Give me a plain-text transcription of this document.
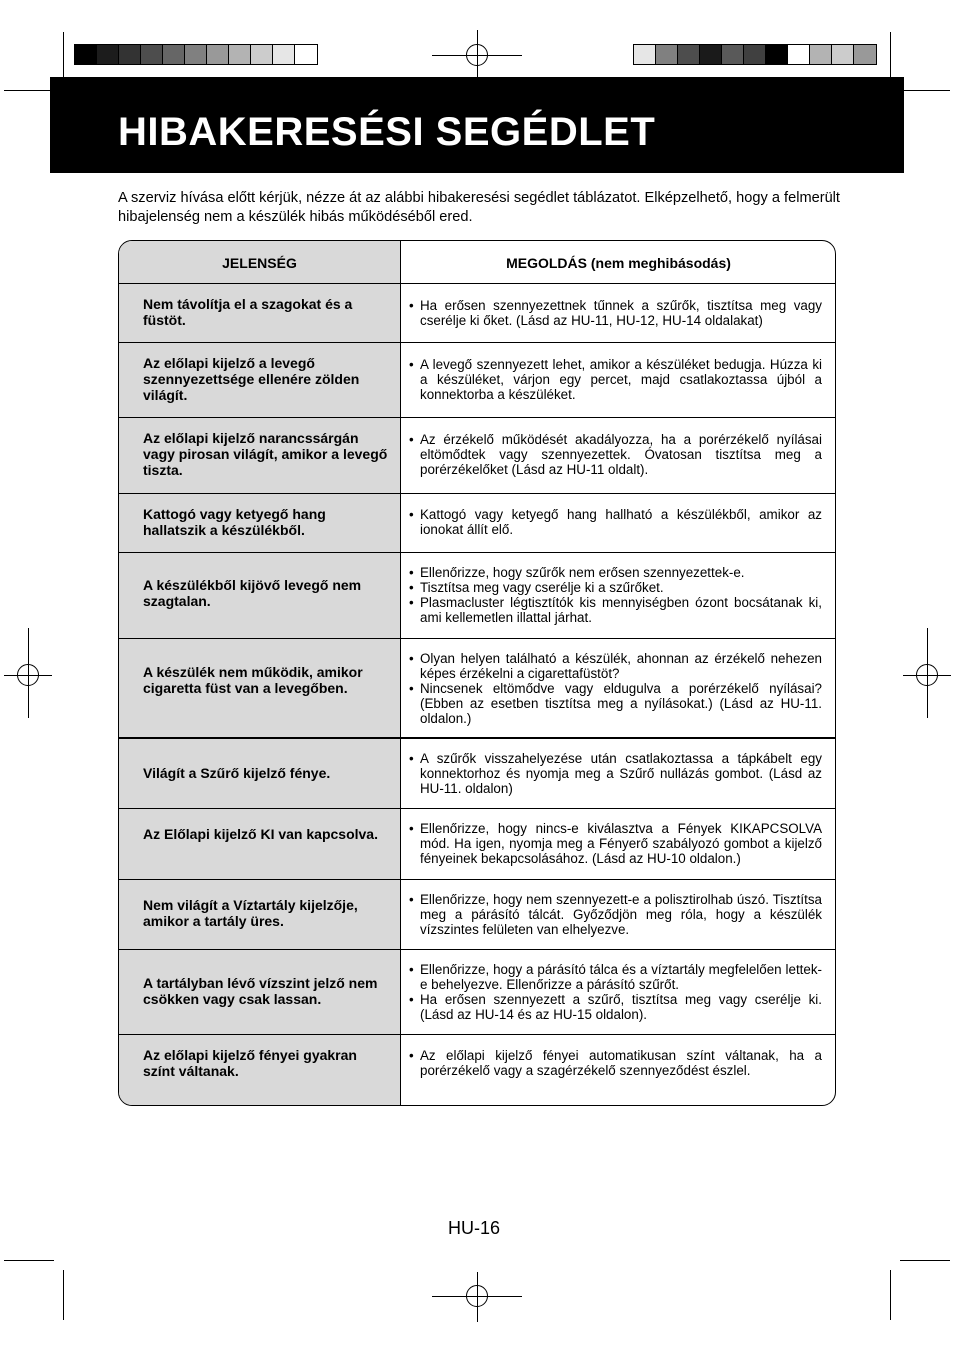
HIBAKERESÉSI SEGÉDLET
A szerviz hívása előtt kérjük, nézze át az alábbi hibakeresési segédlet táblázatot. Elképzelhető, hogy a felmerült hibajelenség nem a készülék hibás működéséből ered.
JELENSÉG	MEGOLDÁS (nem meghibásodás)
Nem távolítja el a szagokat és a füstöt.
• Ha erősen szennyezettnek tűnnek a szűrők, tisztítsa meg vagy cserélje ki őket. (Lásd az HU-11, HU-12, HU-14 oldalakat)
Az előlapi kijelző a levegő szennyezettsége ellenére zölden világít.
• A levegő szennyezett lehet, amikor a készüléket bedugja. Húzza ki a készüléket, várjon egy percet, majd csatlakoztassa újból a konnektorba a készüléket.
Az előlapi kijelző narancssárgán vagy pirosan világít, amikor a levegő tiszta.
• Az érzékelő működését akadályozza, ha a porérzékelő nyílásai eltömődtek vagy szennyezettek. Óvatosan tisztítsa meg a porérzékelőket (Lásd az HU-11 oldalt).
Kattogó vagy ketyegő hang hallatszik a készülékből.
• Kattogó vagy ketyegő hang hallható a készülékből, amikor az ionokat állít elő.
A készülékből kijövő levegő nem szagtalan.
• Ellenőrizze, hogy szűrők nem erősen szennyezettek-e.
• Tisztítsa meg vagy cserélje ki a szűrőket.
• Plasmacluster légtisztítók kis mennyiségben ózont bocsátanak ki, ami kellemetlen illattal járhat.
A készülék nem működik, amikor cigaretta füst van a levegőben.
• Olyan helyen található a készülék, ahonnan az érzékelő nehezen képes érzékelni a cigarettafüstöt?
• Nincsenek eltömődve vagy eldugulva a porérzékelő nyílásai? (Ebben az esetben tisztítsa meg a nyílásokat.) (Lásd az HU-11. oldalon.)
Világít a Szűrő kijelző fénye.
• A szűrők visszahelyezése után csatlakoztassa a tápkábelt egy konnektorhoz és nyomja meg a Szűrő nullázás gombot. (Lásd az HU-11. oldalon)
Az Előlapi kijelző KI van kapcsolva.
•	Ellenőrizze, hogy nincs-e kiválasztva a Fények KIKAPCSOLVA mód. Ha igen, nyomja meg a Fényerő szabályozó gombot a kijelző fényeinek bekapcsolásához. (Lásd az HU-10 oldalon.)
Nem világít a Víztartály kijelzője, amikor a tartály üres.
• Ellenőrizze, hogy nem szennyezett-e a polisztirolhab úszó. Tisztítsa meg a párásító tálcát. Győződjön meg róla, hogy a készülék vízszintes felületen van elhelyezve.
A tartályban lévő vízszint jelző nem csökken vagy csak lassan.
• Ellenőrizze, hogy a párásító tálca és a víztartály megfelelően lettek-e behelyezve. Ellenőrizze a párásító szűrőt.
• Ha erősen szennyezett a szűrő, tisztítsa meg vagy cserélje ki. (Lásd az HU-14 és az HU-15 oldalon).
Az előlapi kijelző fényei gyakran színt váltanak.
• Az előlapi kijelző fényei automatikusan színt váltanak, ha a porérzékelő vagy a szagérzékelő szennyeződést észlel.
HU-16
